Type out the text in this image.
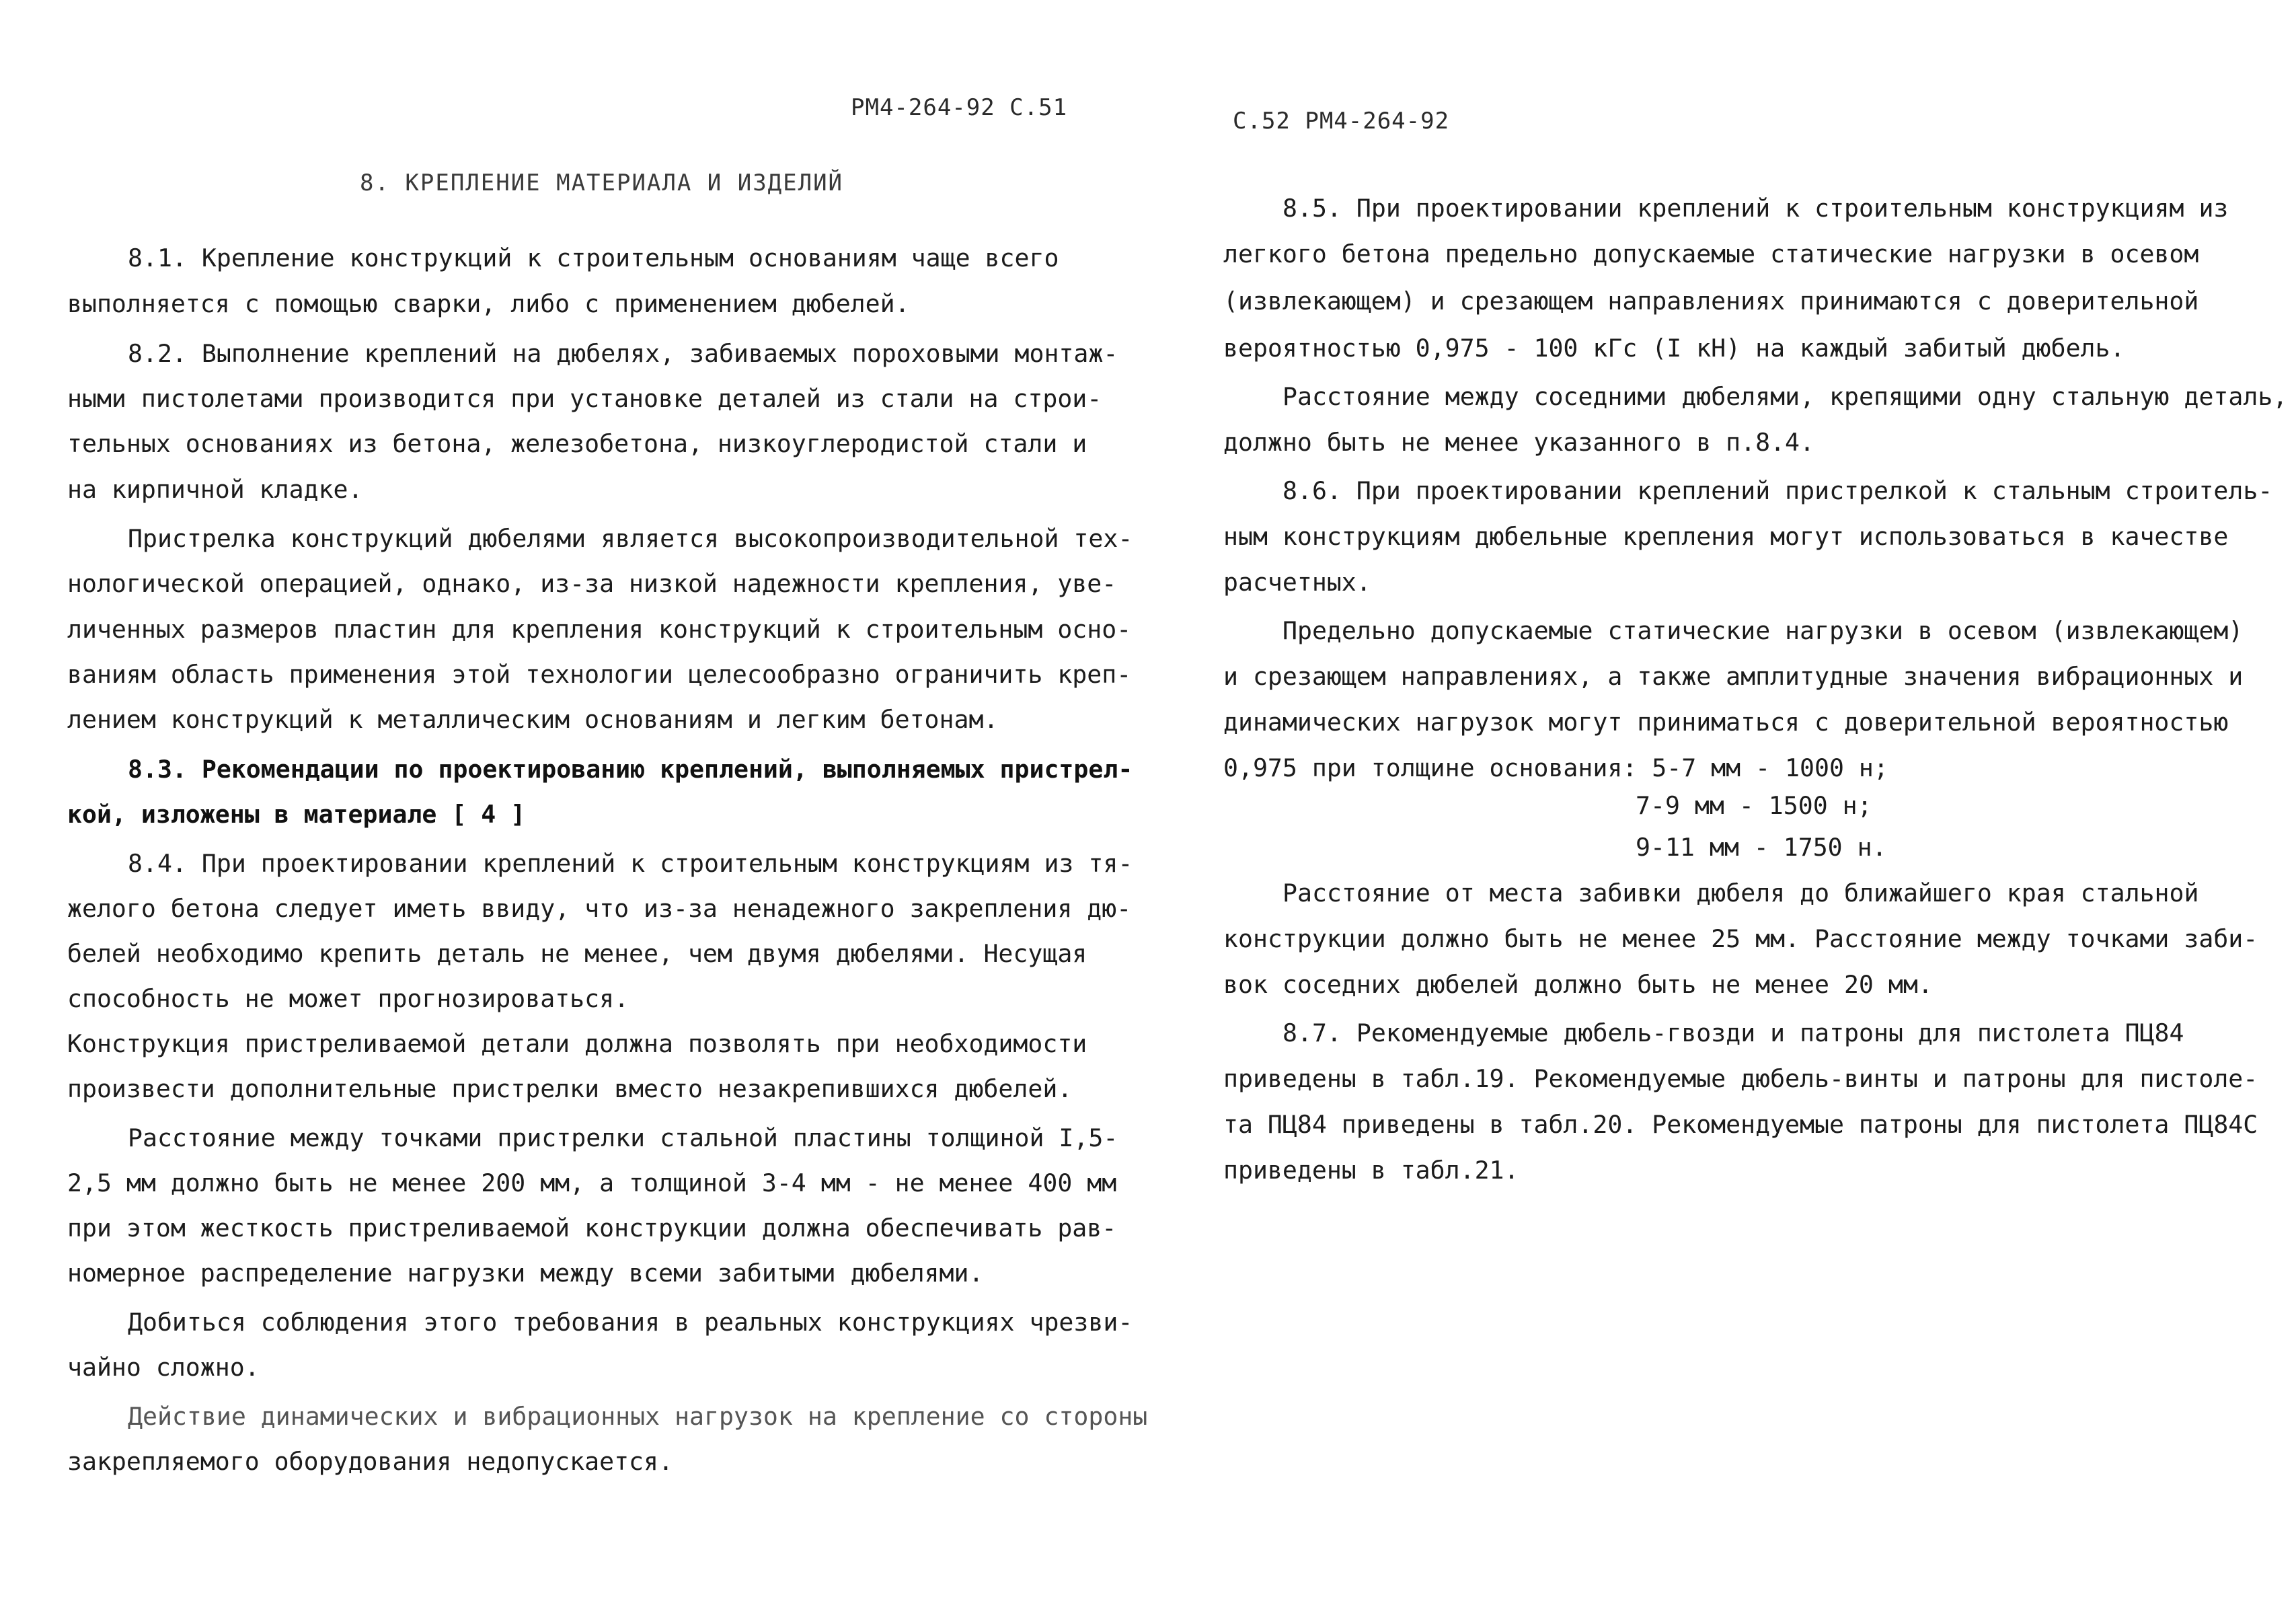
РМ4-264-92 С.51
8. КРЕПЛЕНИЕ МАТЕРИАЛА И ИЗДЕЛИЙ
8.1. Крепление конструкций к строительным основаниям чаще всего
выполняется с помощью сварки, либо с применением дюбелей.
8.2. Выполнение креплений на дюбелях, забиваемых пороховыми монтаж-
ными пистолетами производится при установке деталей из стали на строи-
тельных основаниях из бетона, железобетона, низкоуглеродистой стали и
на кирпичной кладке.
Пристрелка конструкций дюбелями является высокопроизводительной тех-
нологической операцией, однако, из-за низкой надежности крепления, уве-
личенных размеров пластин для крепления конструкций к строительным осно-
ваниям область применения этой технологии целесообразно ограничить креп-
лением конструкций к металлическим основаниям и легким бетонам.
8.3. Рекомендации по проектированию креплений, выполняемых пристрел-
кой, изложены в материале [ 4 ]
8.4. При проектировании креплений к строительным конструкциям из тя-
желого бетона следует иметь ввиду, что из-за ненадежного закрепления дю-
белей необходимо крепить деталь не менее, чем двумя дюбелями. Несущая
способность не может прогнозироваться.
Конструкция пристреливаемой детали должна позволять при необходимости
произвести дополнительные пристрелки вместо незакрепившихся дюбелей.
Расстояние между точками пристрелки стальной пластины толщиной I,5-
2,5 мм должно быть не менее 200 мм, а толщиной 3-4 мм - не менее 400 мм
при этом жесткость пристреливаемой конструкции должна обеспечивать рав-
номерное распределение нагрузки между всеми забитыми дюбелями.
Добиться соблюдения этого требования в реальных конструкциях чрезви-
чайно сложно.
Действие динамических и вибрационных нагрузок на крепление со стороны
закрепляемого оборудования недопускается.
С.52 РМ4-264-92
8.5. При проектировании креплений к строительным конструкциям из
легкого бетона предельно допускаемые статические нагрузки в осевом
(извлекающем) и срезающем направлениях принимаются с доверительной
вероятностью 0,975 - 100 кГс (I кН) на каждый забитый дюбель.
Расстояние между соседними дюбелями, крепящими одну стальную деталь,
должно быть не менее указанного в п.8.4.
8.6. При проектировании креплений пристрелкой к стальным строитель-
ным конструкциям дюбельные крепления могут использоваться в качестве
расчетных.
Предельно допускаемые статические нагрузки в осевом (извлекающем)
и срезающем направлениях, а также амплитудные значения вибрационных и
динамических нагрузок могут приниматься с доверительной вероятностью
0,975 при толщине основания: 5-7 мм - 1000 н;
7-9 мм - 1500 н;
9-11 мм - 1750 н.
Расстояние от места забивки дюбеля до ближайшего края стальной
конструкции должно быть не менее 25 мм. Расстояние между точками заби-
вок соседних дюбелей должно быть не менее 20 мм.
8.7. Рекомендуемые дюбель-гвозди и патроны для пистолета ПЦ84
приведены в табл.19. Рекомендуемые дюбель-винты и патроны для пистоле-
та ПЦ84 приведены в табл.20. Рекомендуемые патроны для пистолета ПЦ84С
приведены в табл.21.
